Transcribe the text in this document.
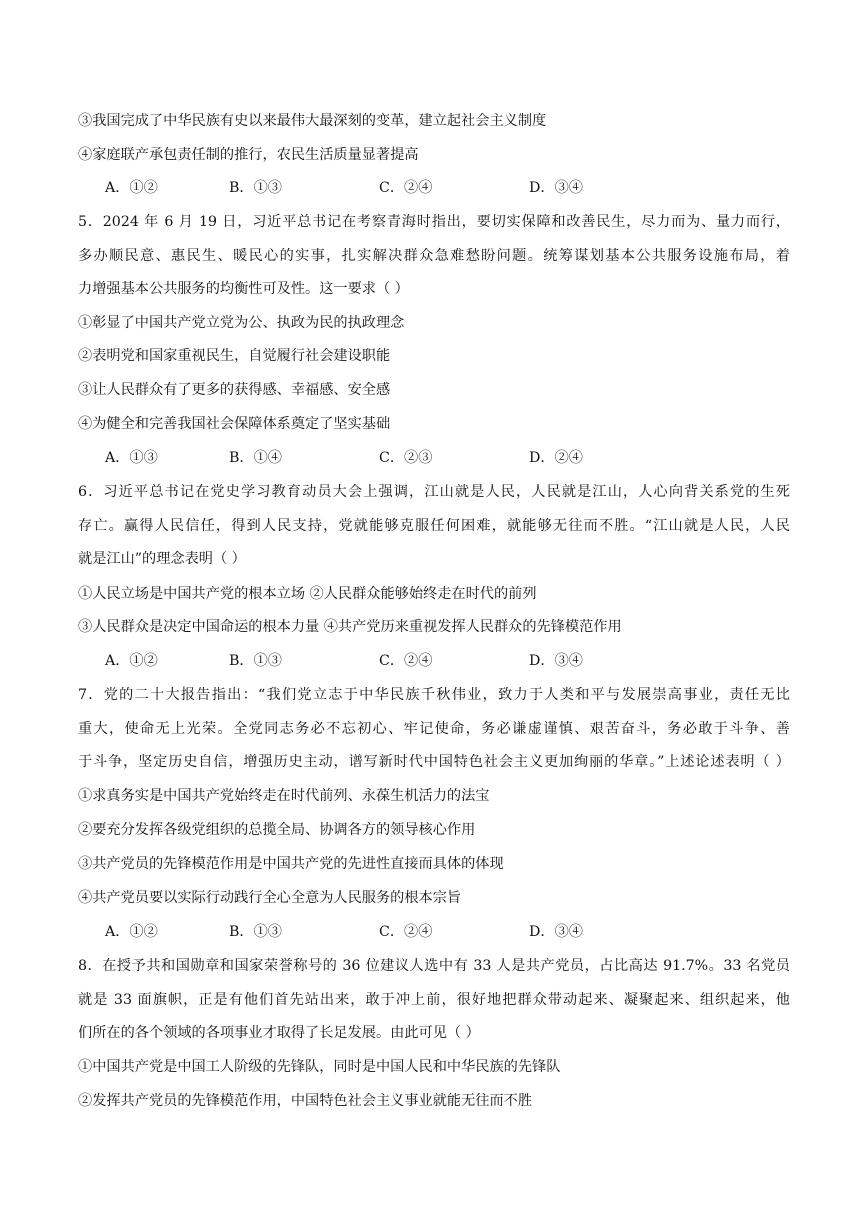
③我国完成了中华民族有史以来最伟大最深刻的变革，建立起社会主义制度
④家庭联产承包责任制的推行，农民生活质量显著提高
A．①②	B．①③	C．②④	D．③④
5．2024 年 6 月 19 日，习近平总书记在考察青海时指出，要切实保障和改善民生，尽力而为、量力而行，
多办顺民意、惠民生、暖民心的实事，扎实解决群众急难愁盼问题。统筹谋划基本公共服务设施布局，着
力增强基本公共服务的均衡性可及性。这一要求（ ）
①彰显了中国共产党立党为公、执政为民的执政理念
②表明党和国家重视民生，自觉履行社会建设职能
③让人民群众有了更多的获得感、幸福感、安全感
④为健全和完善我国社会保障体系奠定了坚实基础
A．①③	B．①④	C．②③	D．②④
6．习近平总书记在党史学习教育动员大会上强调，江山就是人民，人民就是江山，人心向背关系党的生死
存亡。赢得人民信任，得到人民支持，党就能够克服任何困难，就能够无往而不胜。“江山就是人民，人民
就是江山”的理念表明（ ）
①人民立场是中国共产党的根本立场 ②人民群众能够始终走在时代的前列
③人民群众是决定中国命运的根本力量 ④共产党历来重视发挥人民群众的先锋模范作用
A．①②	B．①③	C．②④	D．③④
7．党的二十大报告指出：“我们党立志于中华民族千秋伟业，致力于人类和平与发展崇高事业，责任无比
重大，使命无上光荣。全党同志务必不忘初心、牢记使命，务必谦虚谨慎、艰苦奋斗，务必敢于斗争、善
于斗争，坚定历史自信，增强历史主动，谱写新时代中国特色社会主义更加绚丽的华章。”上述论述表明（ ）
①求真务实是中国共产党始终走在时代前列、永葆生机活力的法宝
②要充分发挥各级党组织的总揽全局、协调各方的领导核心作用
③共产党员的先锋模范作用是中国共产党的先进性直接而具体的体现
④共产党员要以实际行动践行全心全意为人民服务的根本宗旨
A．①②	B．①③	C．②④	D．③④
8．在授予共和国勋章和国家荣誉称号的 36 位建议人选中有 33 人是共产党员，占比高达 91.7%。33 名党员
就是 33 面旗帜，正是有他们首先站出来，敢于冲上前，很好地把群众带动起来、凝聚起来、组织起来，他
们所在的各个领域的各项事业才取得了长足发展。由此可见（ ）
①中国共产党是中国工人阶级的先锋队，同时是中国人民和中华民族的先锋队
②发挥共产党员的先锋模范作用，中国特色社会主义事业就能无往而不胜
